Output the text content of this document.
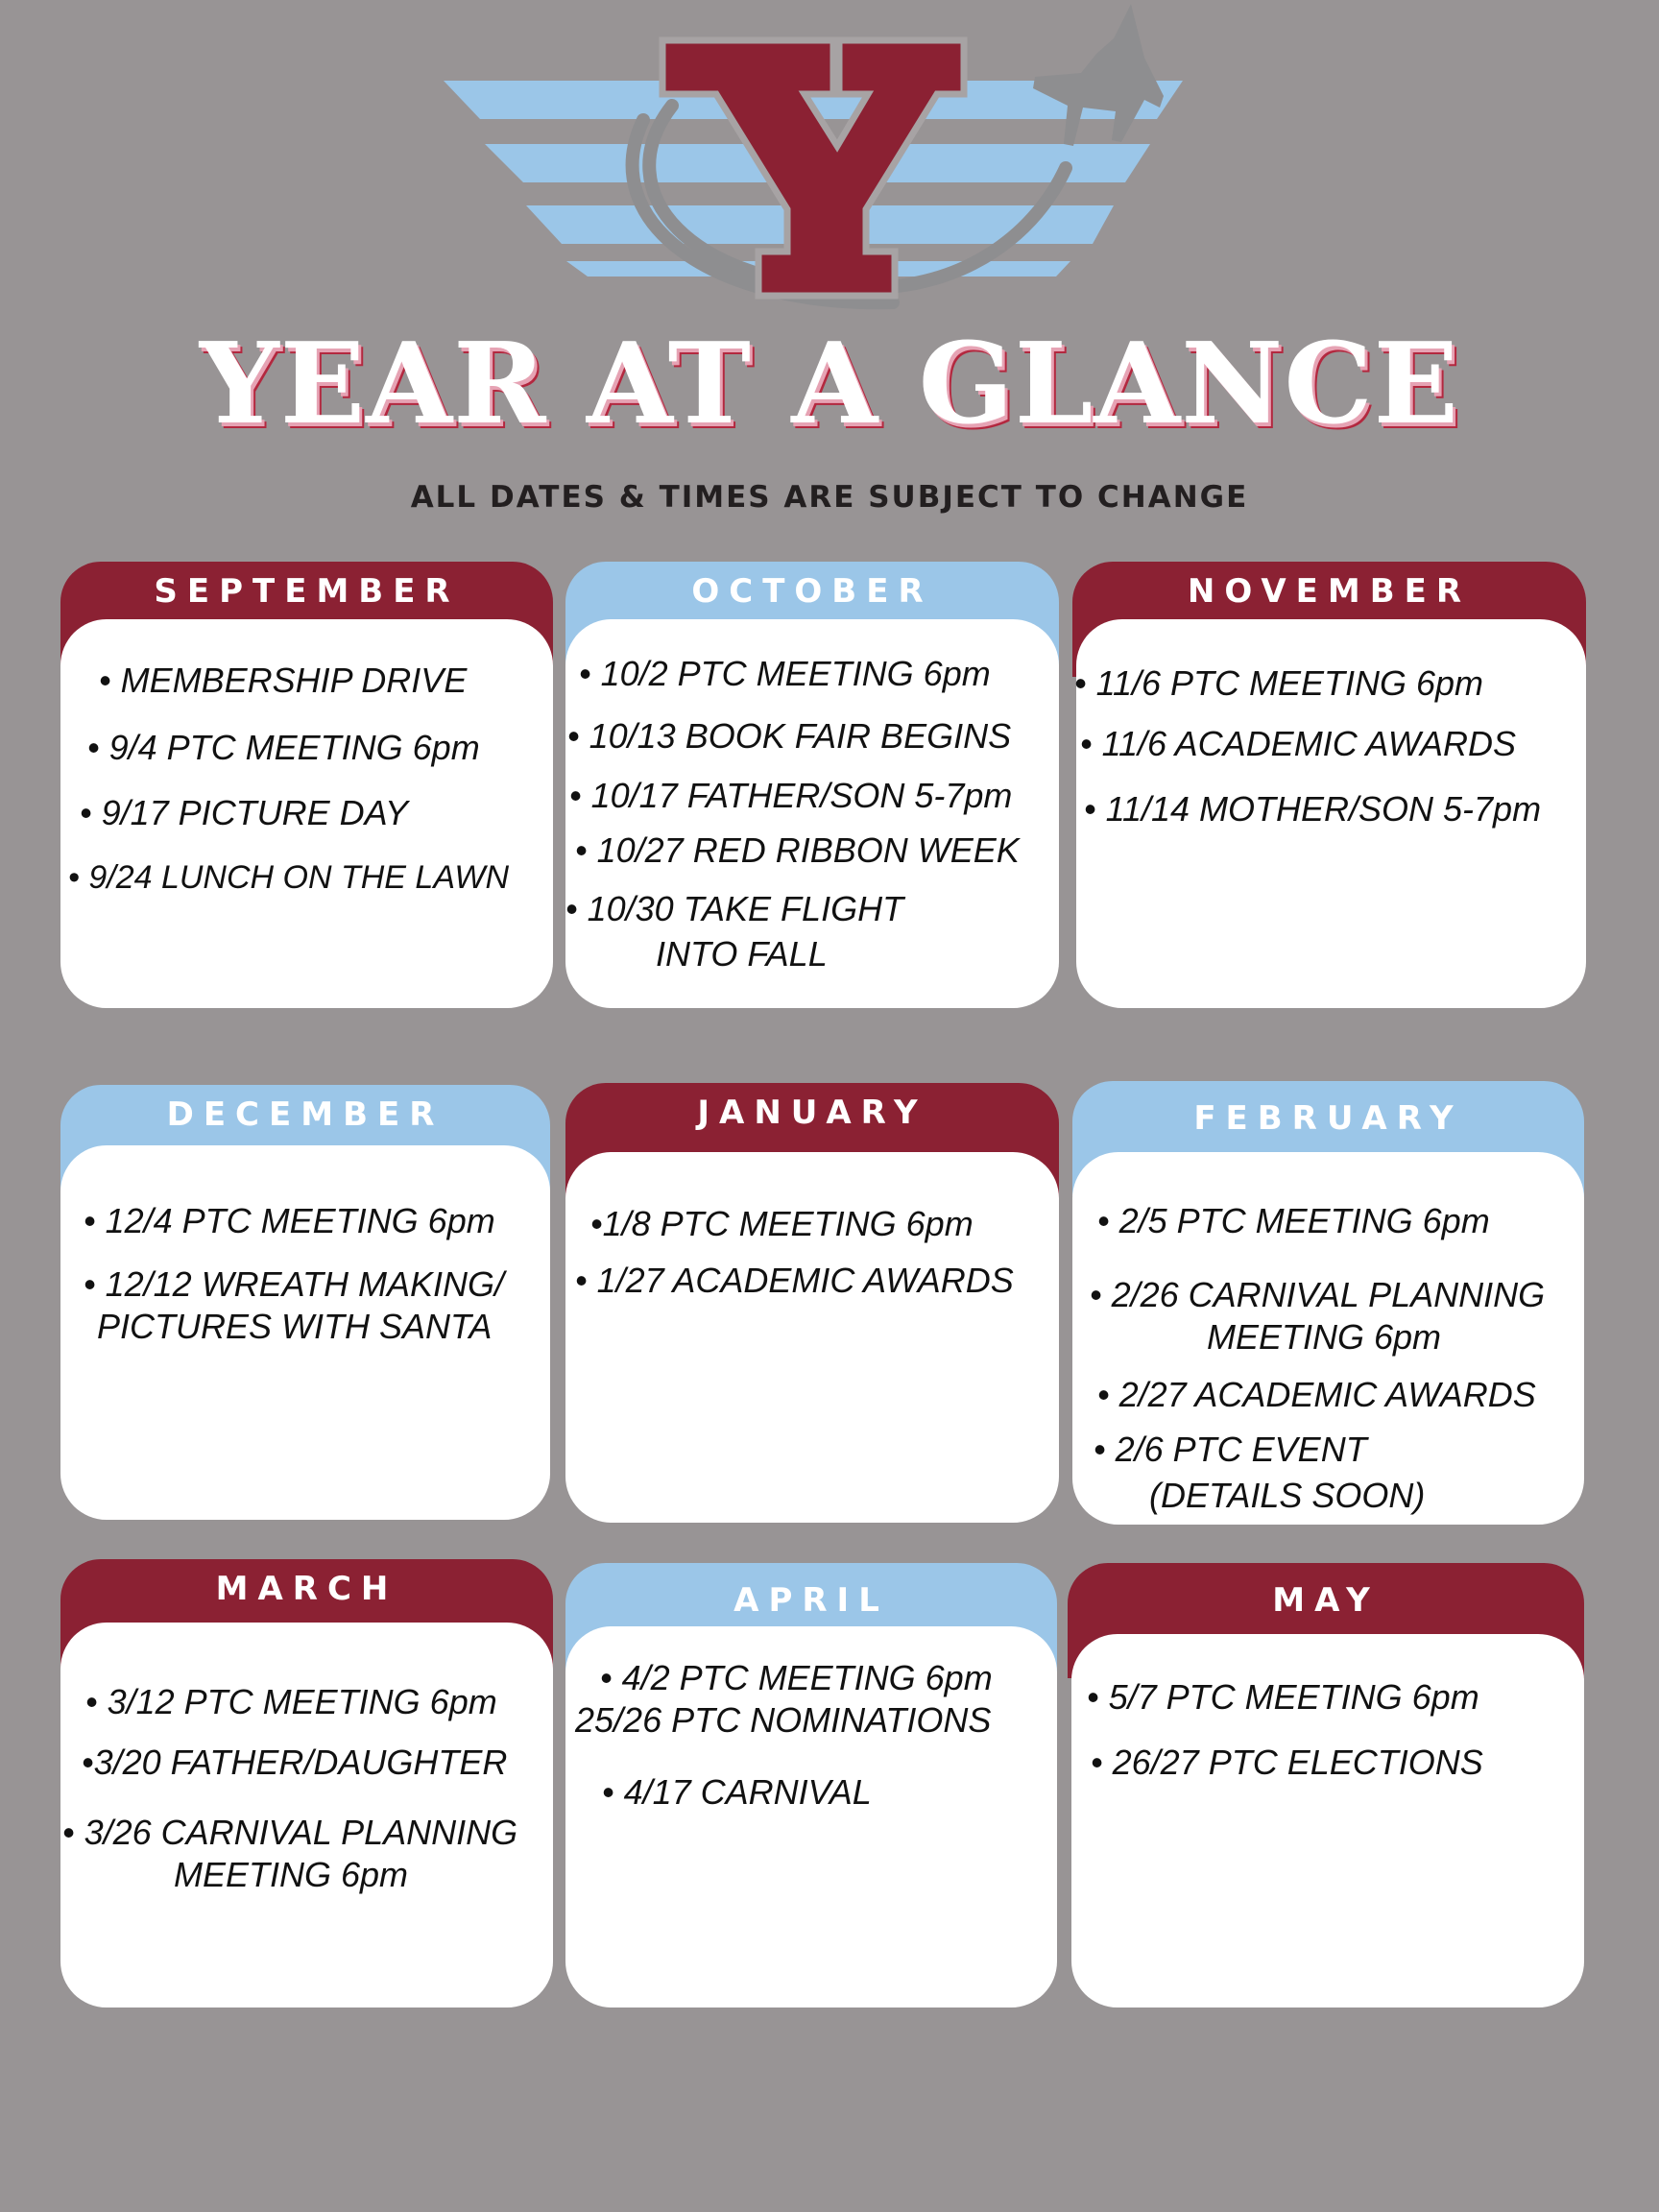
YEAR AT A GLANCE
ALL DATES & TIMES ARE SUBJECT TO CHANGE
SEPTEMBER
• MEMBERSHIP DRIVE
• 9/4 PTC MEETING 6pm
• 9/17 PICTURE DAY
• 9/24 LUNCH ON THE LAWN
OCTOBER
• 10/2 PTC MEETING 6pm
• 10/13 BOOK FAIR BEGINS
• 10/17 FATHER/SON 5-7pm
• 10/27 RED RIBBON WEEK
• 10/30 TAKE FLIGHT
INTO FALL
NOVEMBER
• 11/6 PTC MEETING 6pm
• 11/6 ACADEMIC AWARDS
• 11/14 MOTHER/SON 5-7pm
DECEMBER
• 12/4 PTC MEETING 6pm
• 12/12 WREATH MAKING/
PICTURES WITH SANTA
JANUARY
•1/8 PTC MEETING 6pm
• 1/27 ACADEMIC AWARDS
FEBRUARY
• 2/5 PTC MEETING 6pm
• 2/26 CARNIVAL PLANNING
MEETING 6pm
• 2/27 ACADEMIC AWARDS
• 2/6 PTC EVENT
(DETAILS SOON)
MARCH
• 3/12 PTC MEETING 6pm
•3/20 FATHER/DAUGHTER
• 3/26 CARNIVAL PLANNING
MEETING 6pm
APRIL
• 4/2 PTC MEETING 6pm
25/26 PTC NOMINATIONS
• 4/17 CARNIVAL
MAY
• 5/7 PTC MEETING 6pm
• 26/27 PTC ELECTIONS
